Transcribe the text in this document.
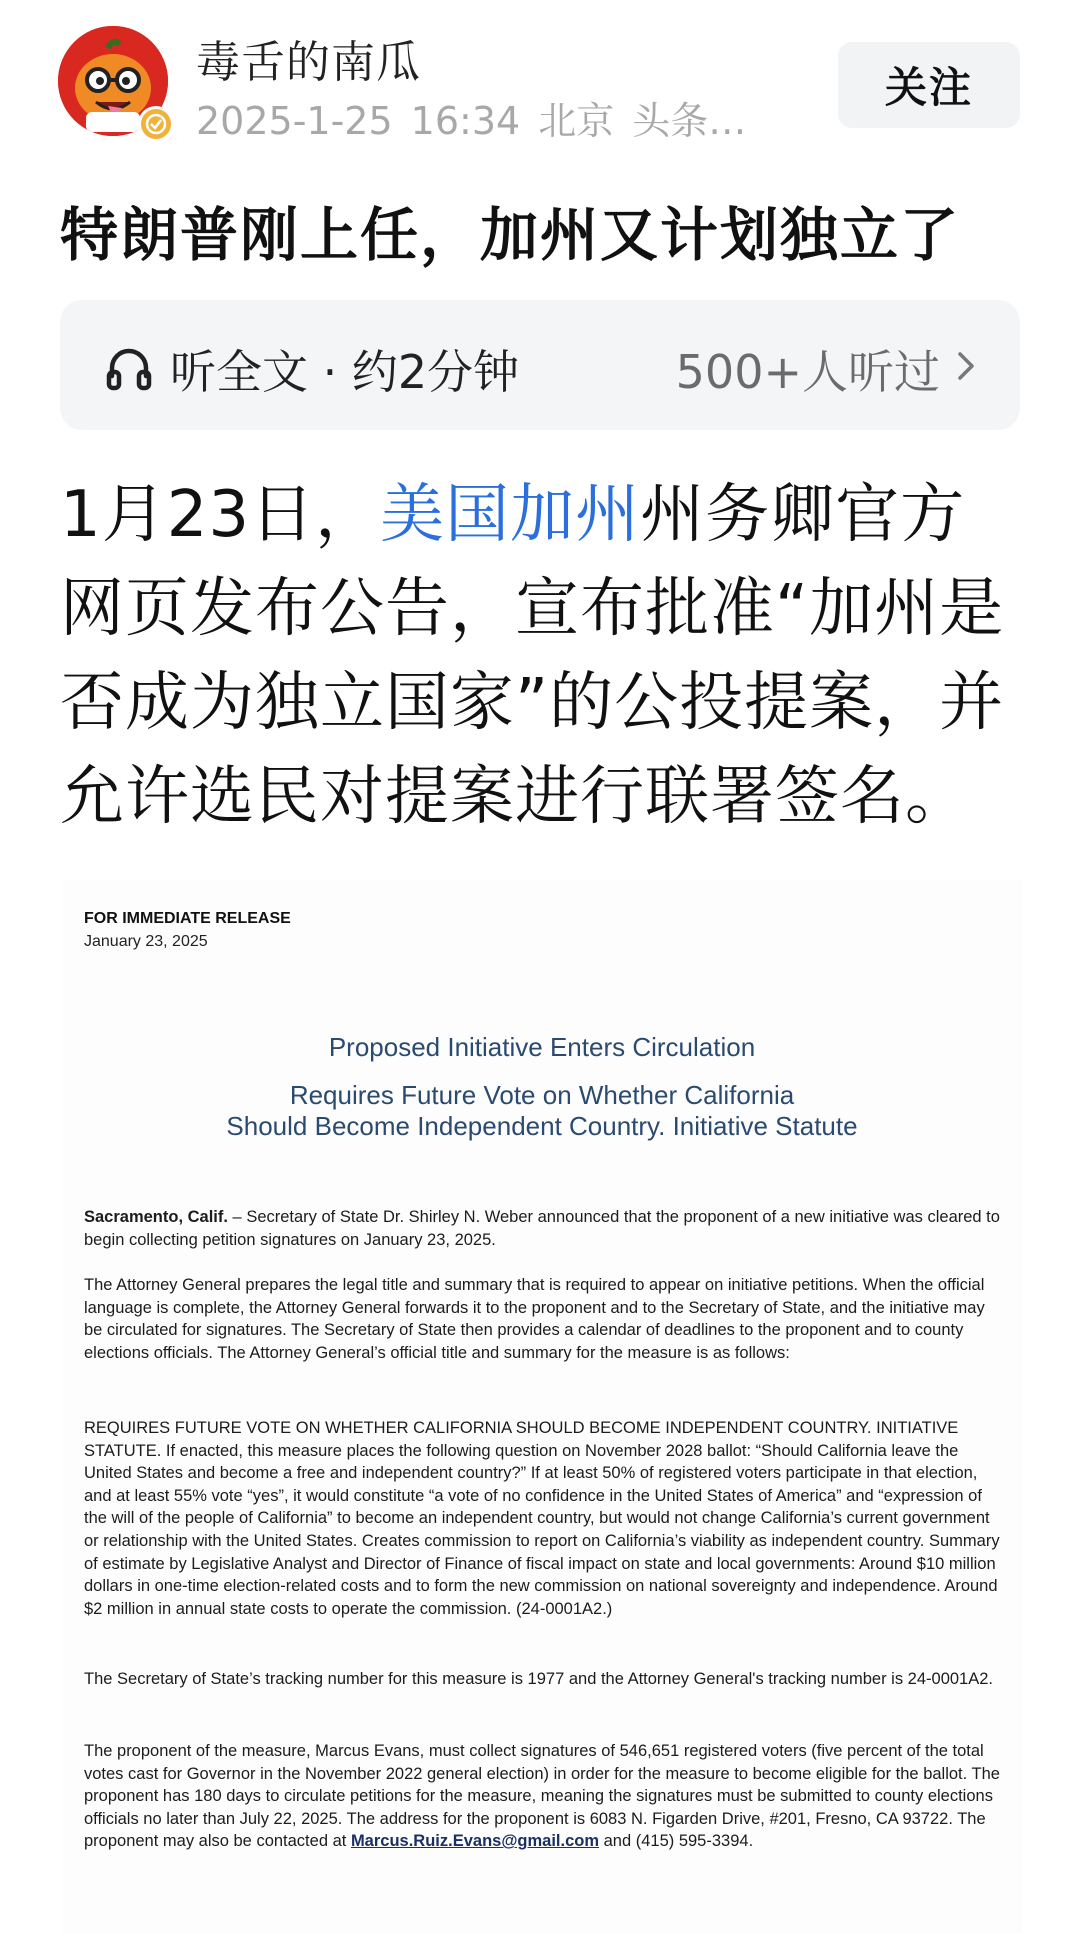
毒舌的南瓜
2025-1-25 16:34 北京 头条…
关注
特朗普刚上任，加州又计划独立了
听全文 · 约2分钟	500+人听过
1月23日，美国加州州务卿官方网页发布公告，宣布批准“加州是否成为独立国家”的公投提案，并允许选民对提案进行联署签名。
FOR IMMEDIATE RELEASE
January 23, 2025
Proposed Initiative Enters Circulation
Requires Future Vote on Whether California
Should Become Independent Country. Initiative Statute
Sacramento, Calif. – Secretary of State Dr. Shirley N. Weber announced that the proponent of a new initiative was cleared to begin collecting petition signatures on January 23, 2025.
The Attorney General prepares the legal title and summary that is required to appear on initiative petitions. When the official language is complete, the Attorney General forwards it to the proponent and to the Secretary of State, and the initiative may be circulated for signatures. The Secretary of State then provides a calendar of deadlines to the proponent and to county elections officials. The Attorney General’s official title and summary for the measure is as follows:
REQUIRES FUTURE VOTE ON WHETHER CALIFORNIA SHOULD BECOME INDEPENDENT COUNTRY. INITIATIVE STATUTE. If enacted, this measure places the following question on November 2028 ballot: “Should California leave the United States and become a free and independent country?” If at least 50% of registered voters participate in that election, and at least 55% vote “yes”, it would constitute “a vote of no confidence in the United States of America” and “expression of the will of the people of California” to become an independent country, but would not change California’s current government or relationship with the United States. Creates commission to report on California’s viability as independent country. Summary of estimate by Legislative Analyst and Director of Finance of fiscal impact on state and local governments: Around $10 million dollars in one-time election-related costs and to form the new commission on national sovereignty and independence. Around $2 million in annual state costs to operate the commission. (24-0001A2.)
The Secretary of State’s tracking number for this measure is 1977 and the Attorney General's tracking number is 24-0001A2.
The proponent of the measure, Marcus Evans, must collect signatures of 546,651 registered voters (five percent of the total votes cast for Governor in the November 2022 general election) in order for the measure to become eligible for the ballot. The proponent has 180 days to circulate petitions for the measure, meaning the signatures must be submitted to county elections officials no later than July 22, 2025. The address for the proponent is 6083 N. Figarden Drive, #201, Fresno, CA 93722. The proponent may also be contacted at Marcus.Ruiz.Evans@gmail.com and (415) 595-3394.
